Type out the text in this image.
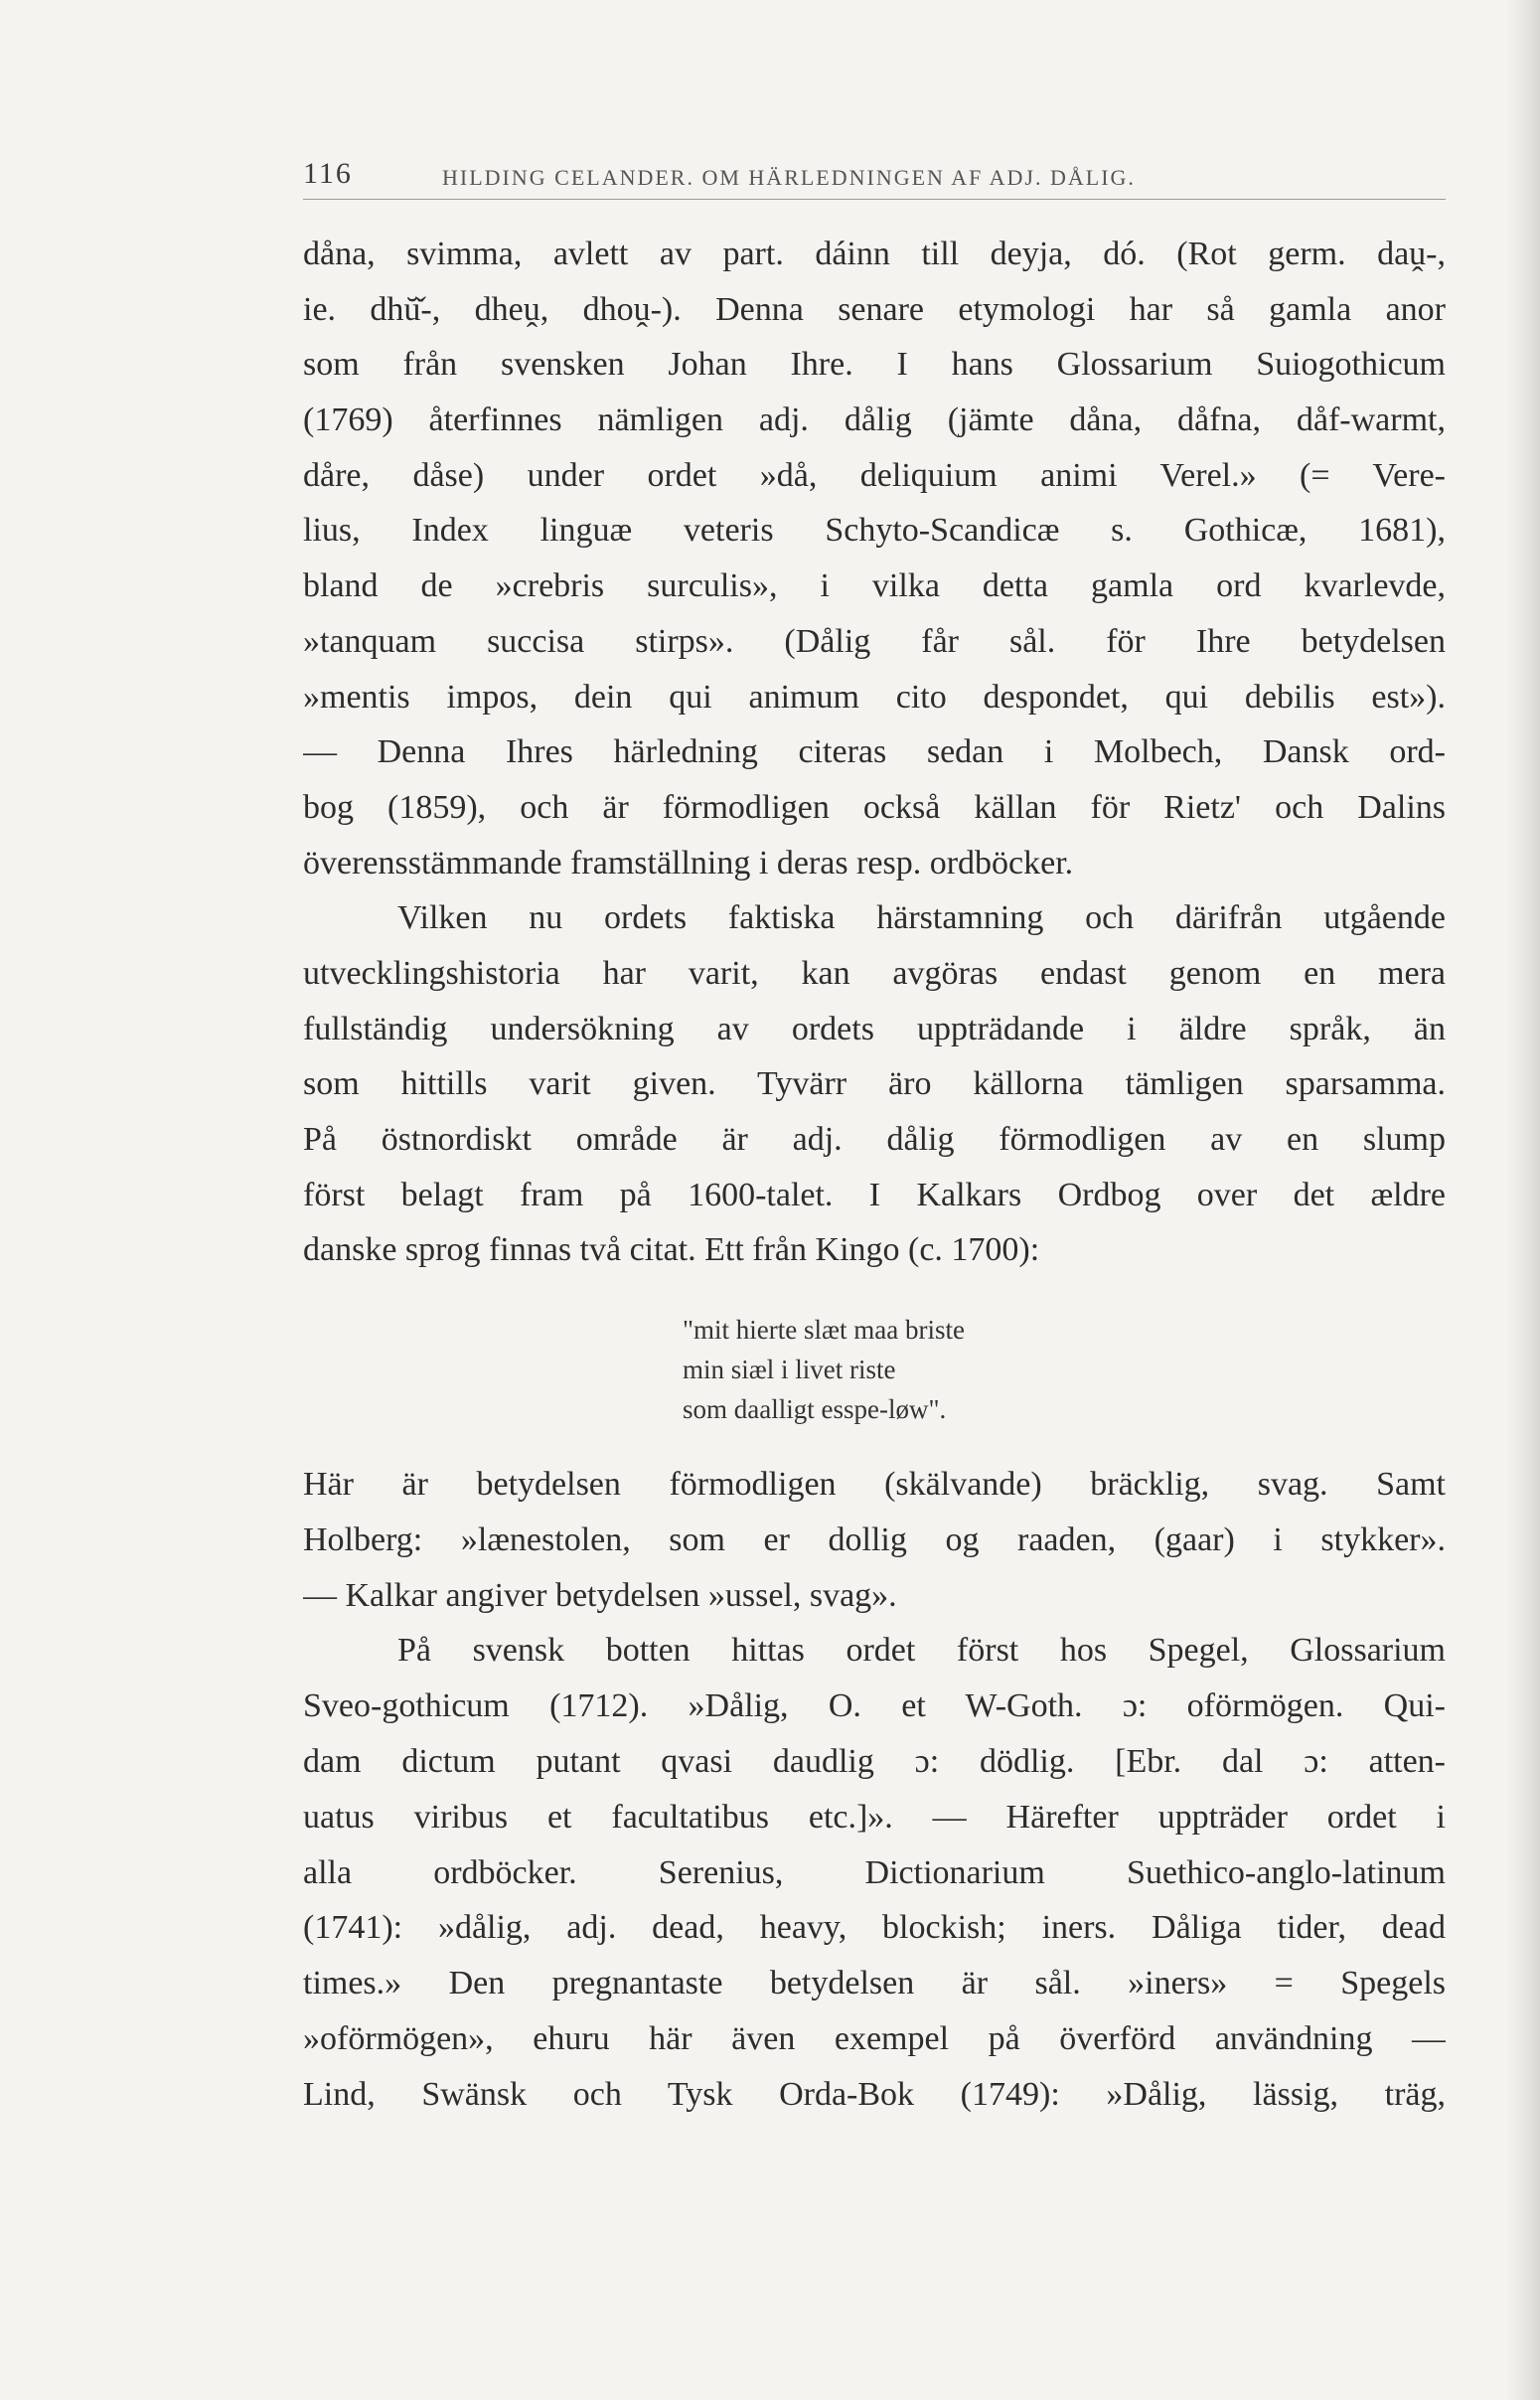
116	HILDING CELANDER. OM HÄRLEDNINGEN AF ADJ. DÅLIG.
dåna, svimma, avlett av part. dáinn till deyja, dó. (Rot germ. daṷ-,
ie. dhŭ̌-, dheṷ, dhoṷ-). Denna senare etymologi har så gamla anor
som från svensken Johan Ihre. I hans Glossarium Suiogothicum
(1769) återfinnes nämligen adj. dålig (jämte dåna, dåfna, dåf-warmt,
dåre, dåse) under ordet »då, deliquium animi Verel.» (= Vere-
lius, Index linguæ veteris Schyto-Scandicæ s. Gothicæ, 1681),
bland de »crebris surculis», i vilka detta gamla ord kvarlevde,
»tanquam succisa stirps». (Dålig får sål. för Ihre betydelsen
»mentis impos, dein qui animum cito despondet, qui debilis est»).
— Denna Ihres härledning citeras sedan i Molbech, Dansk ord-
bog (1859), och är förmodligen också källan för Rietz' och Dalins
överensstämmande framställning i deras resp. ordböcker.
Vilken nu ordets faktiska härstamning och därifrån utgående
utvecklingshistoria har varit, kan avgöras endast genom en mera
fullständig undersökning av ordets uppträdande i äldre språk, än
som hittills varit given. Tyvärr äro källorna tämligen sparsamma.
På östnordiskt område är adj. dålig förmodligen av en slump
först belagt fram på 1600-talet. I Kalkars Ordbog over det ældre
danske sprog finnas två citat. Ett från Kingo (c. 1700):
"mit hierte slæt maa briste
min siæl i livet riste
som daalligt esspe-løw".
Här är betydelsen förmodligen (skälvande) bräcklig, svag. Samt
Holberg: »lænestolen, som er dollig og raaden, (gaar) i stykker».
— Kalkar angiver betydelsen »ussel, svag».
På svensk botten hittas ordet först hos Spegel, Glossarium
Sveo-gothicum (1712). »Dålig, O. et W-Goth. ɔ: oförmögen. Qui-
dam dictum putant qvasi daudlig ɔ: dödlig. [Ebr. dal ɔ: atten-
uatus viribus et facultatibus etc.]». — Härefter uppträder ordet i
alla ordböcker. Serenius, Dictionarium Suethico-anglo-latinum
(1741): »dålig, adj. dead, heavy, blockish; iners. Dåliga tider, dead
times.» Den pregnantaste betydelsen är sål. »iners» = Spegels
»oförmögen», ehuru här även exempel på överförd användning —
Lind, Swänsk och Tysk Orda-Bok (1749): »Dålig, lässig, träg,
